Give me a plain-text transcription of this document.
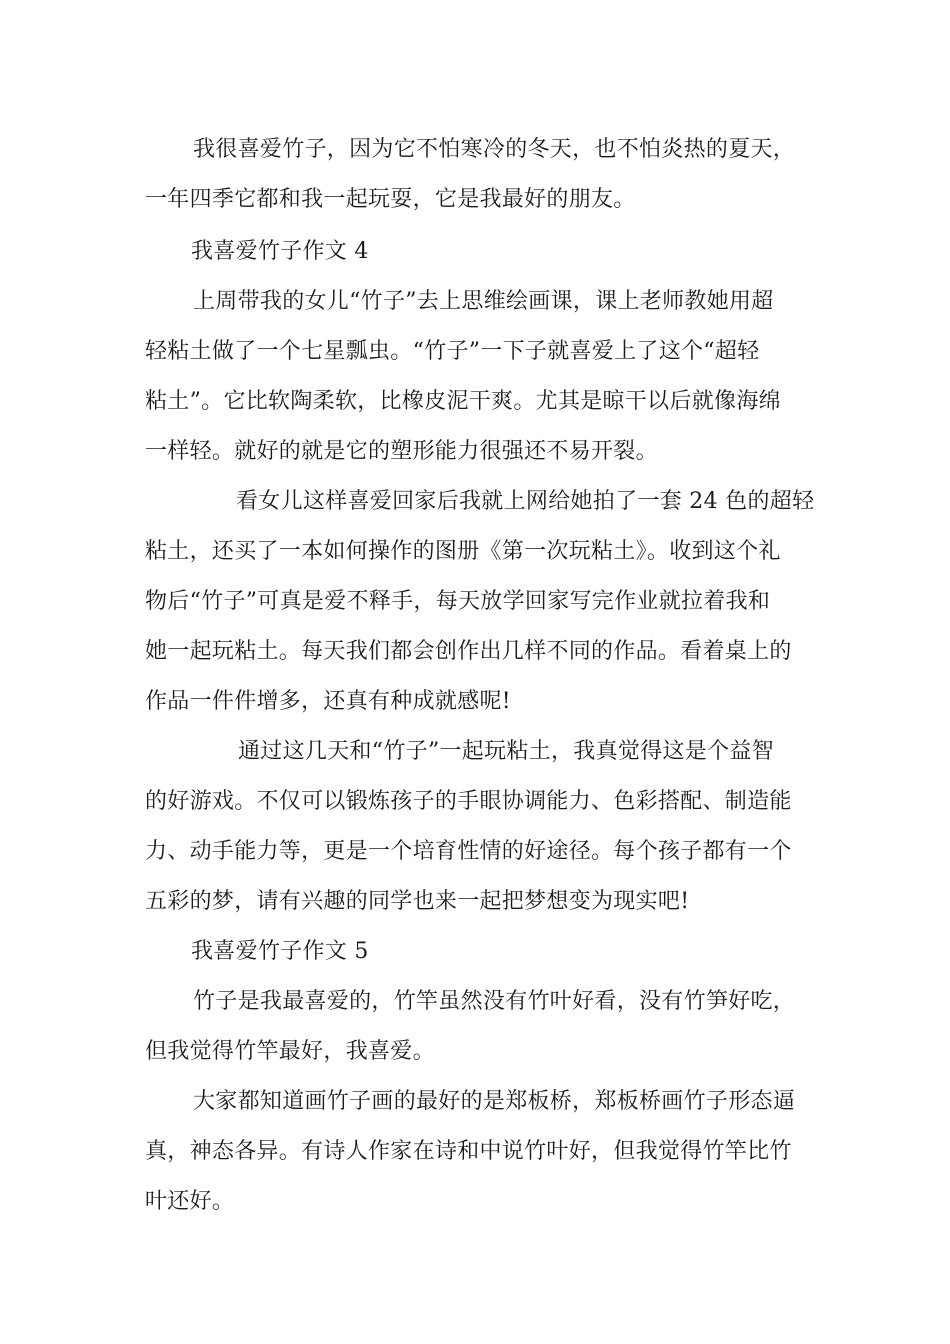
我很喜爱竹子，因为它不怕寒冷的冬天，也不怕炎热的夏天，
一年四季它都和我一起玩耍，它是我最好的朋友。
我喜爱竹子作文 4
上周带我的女儿“竹子”去上思维绘画课，课上老师教她用超
轻粘土做了一个七星瓢虫。“竹子”一下子就喜爱上了这个“超轻
粘土”。它比软陶柔软，比橡皮泥干爽。尤其是晾干以后就像海绵
一样轻。就好的就是它的塑形能力很强还不易开裂。
看女儿这样喜爱回家后我就上网给她拍了一套 24 色的超轻
粘土，还买了一本如何操作的图册《第一次玩粘土》。收到这个礼
物后“竹子”可真是爱不释手，每天放学回家写完作业就拉着我和
她一起玩粘土。每天我们都会创作出几样不同的作品。看着桌上的
作品一件件增多，还真有种成就感呢!
通过这几天和“竹子”一起玩粘土，我真觉得这是个益智
的好游戏。不仅可以锻炼孩子的手眼协调能力、色彩搭配、制造能
力、动手能力等，更是一个培育性情的好途径。每个孩子都有一个
五彩的梦，请有兴趣的同学也来一起把梦想变为现实吧!
我喜爱竹子作文 5
竹子是我最喜爱的，竹竿虽然没有竹叶好看，没有竹笋好吃，
但我觉得竹竿最好，我喜爱。
大家都知道画竹子画的最好的是郑板桥，郑板桥画竹子形态逼
真，神态各异。有诗人作家在诗和中说竹叶好，但我觉得竹竿比竹
叶还好。
